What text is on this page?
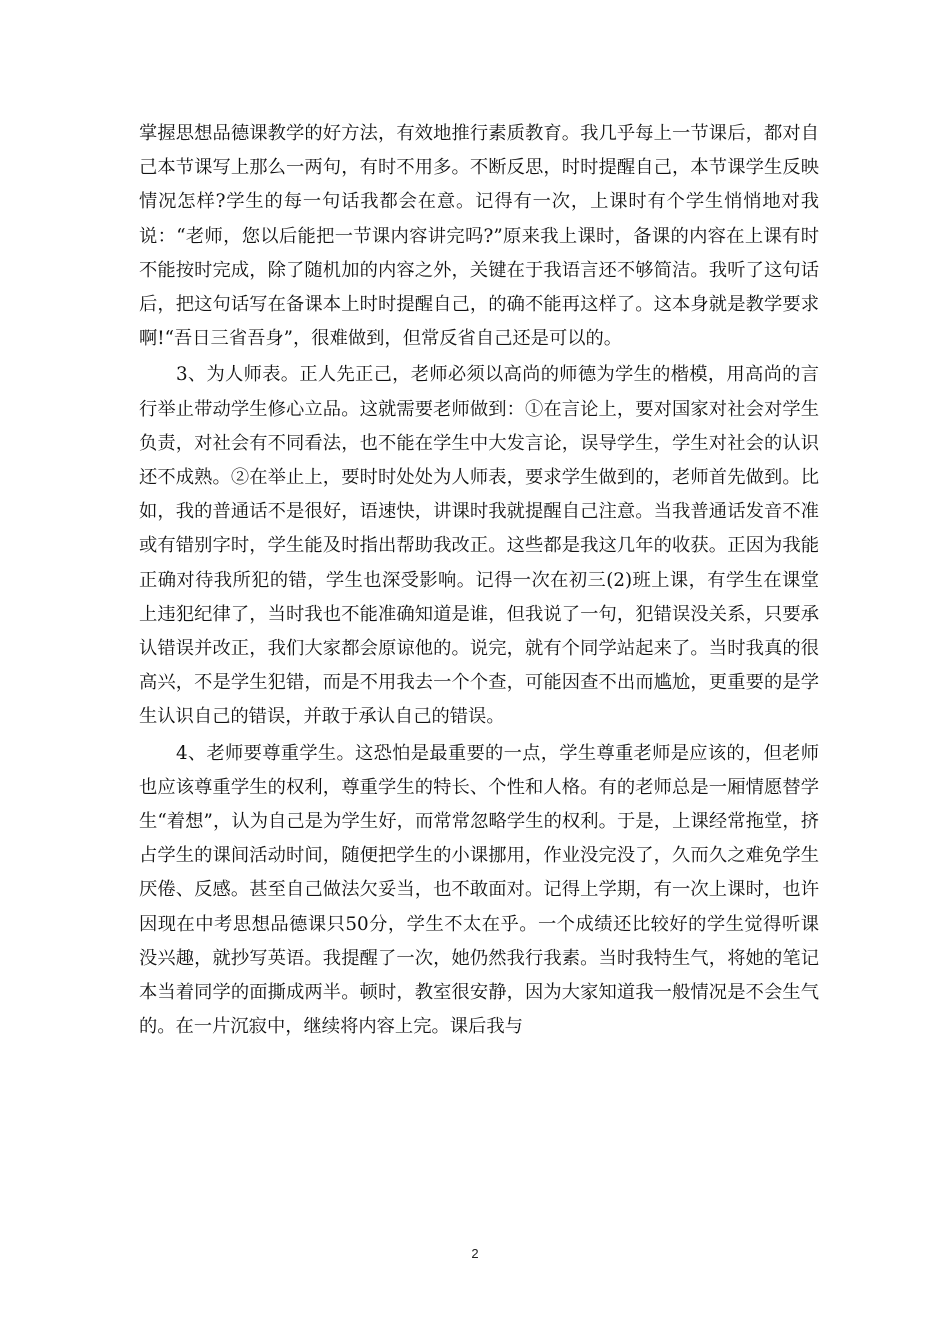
掌握思想品德课教学的好方法，有效地推行素质教育。我几乎每上一节课后，都对自己本节课写上那么一两句，有时不用多。不断反思，时时提醒自己，本节课学生反映情况怎样?学生的每一句话我都会在意。记得有一次，上课时有个学生悄悄地对我说：“老师，您以后能把一节课内容讲完吗?”原来我上课时，备课的内容在上课有时不能按时完成，除了随机加的内容之外，关键在于我语言还不够简洁。我听了这句话后，把这句话写在备课本上时时提醒自己，的确不能再这样了。这本身就是教学要求啊!“吾日三省吾身”，很难做到，但常反省自己还是可以的。

3、为人师表。正人先正己，老师必须以高尚的师德为学生的楷模，用高尚的言行举止带动学生修心立品。这就需要老师做到：①在言论上，要对国家对社会对学生负责，对社会有不同看法，也不能在学生中大发言论，误导学生，学生对社会的认识还不成熟。②在举止上，要时时处处为人师表，要求学生做到的，老师首先做到。比如，我的普通话不是很好，语速快，讲课时我就提醒自己注意。当我普通话发音不准或有错别字时，学生能及时指出帮助我改正。这些都是我这几年的收获。正因为我能正确对待我所犯的错，学生也深受影响。记得一次在初三(2)班上课，有学生在课堂上违犯纪律了，当时我也不能准确知道是谁，但我说了一句，犯错误没关系，只要承认错误并改正，我们大家都会原谅他的。说完，就有个同学站起来了。当时我真的很高兴，不是学生犯错，而是不用我去一个个查，可能因查不出而尴尬，更重要的是学生认识自己的错误，并敢于承认自己的错误。

4、老师要尊重学生。这恐怕是最重要的一点，学生尊重老师是应该的，但老师也应该尊重学生的权利，尊重学生的特长、个性和人格。有的老师总是一厢情愿替学生“着想”，认为自己是为学生好，而常常忽略学生的权利。于是，上课经常拖堂，挤占学生的课间活动时间，随便把学生的小课挪用，作业没完没了，久而久之难免学生厌倦、反感。甚至自己做法欠妥当，也不敢面对。记得上学期，有一次上课时，也许因现在中考思想品德课只50分，学生不太在乎。一个成绩还比较好的学生觉得听课没兴趣，就抄写英语。我提醒了一次，她仍然我行我素。当时我特生气，将她的笔记本当着同学的面撕成两半。顿时，教室很安静，因为大家知道我一般情况是不会生气的。在一片沉寂中，继续将内容上完。课后我与

2
